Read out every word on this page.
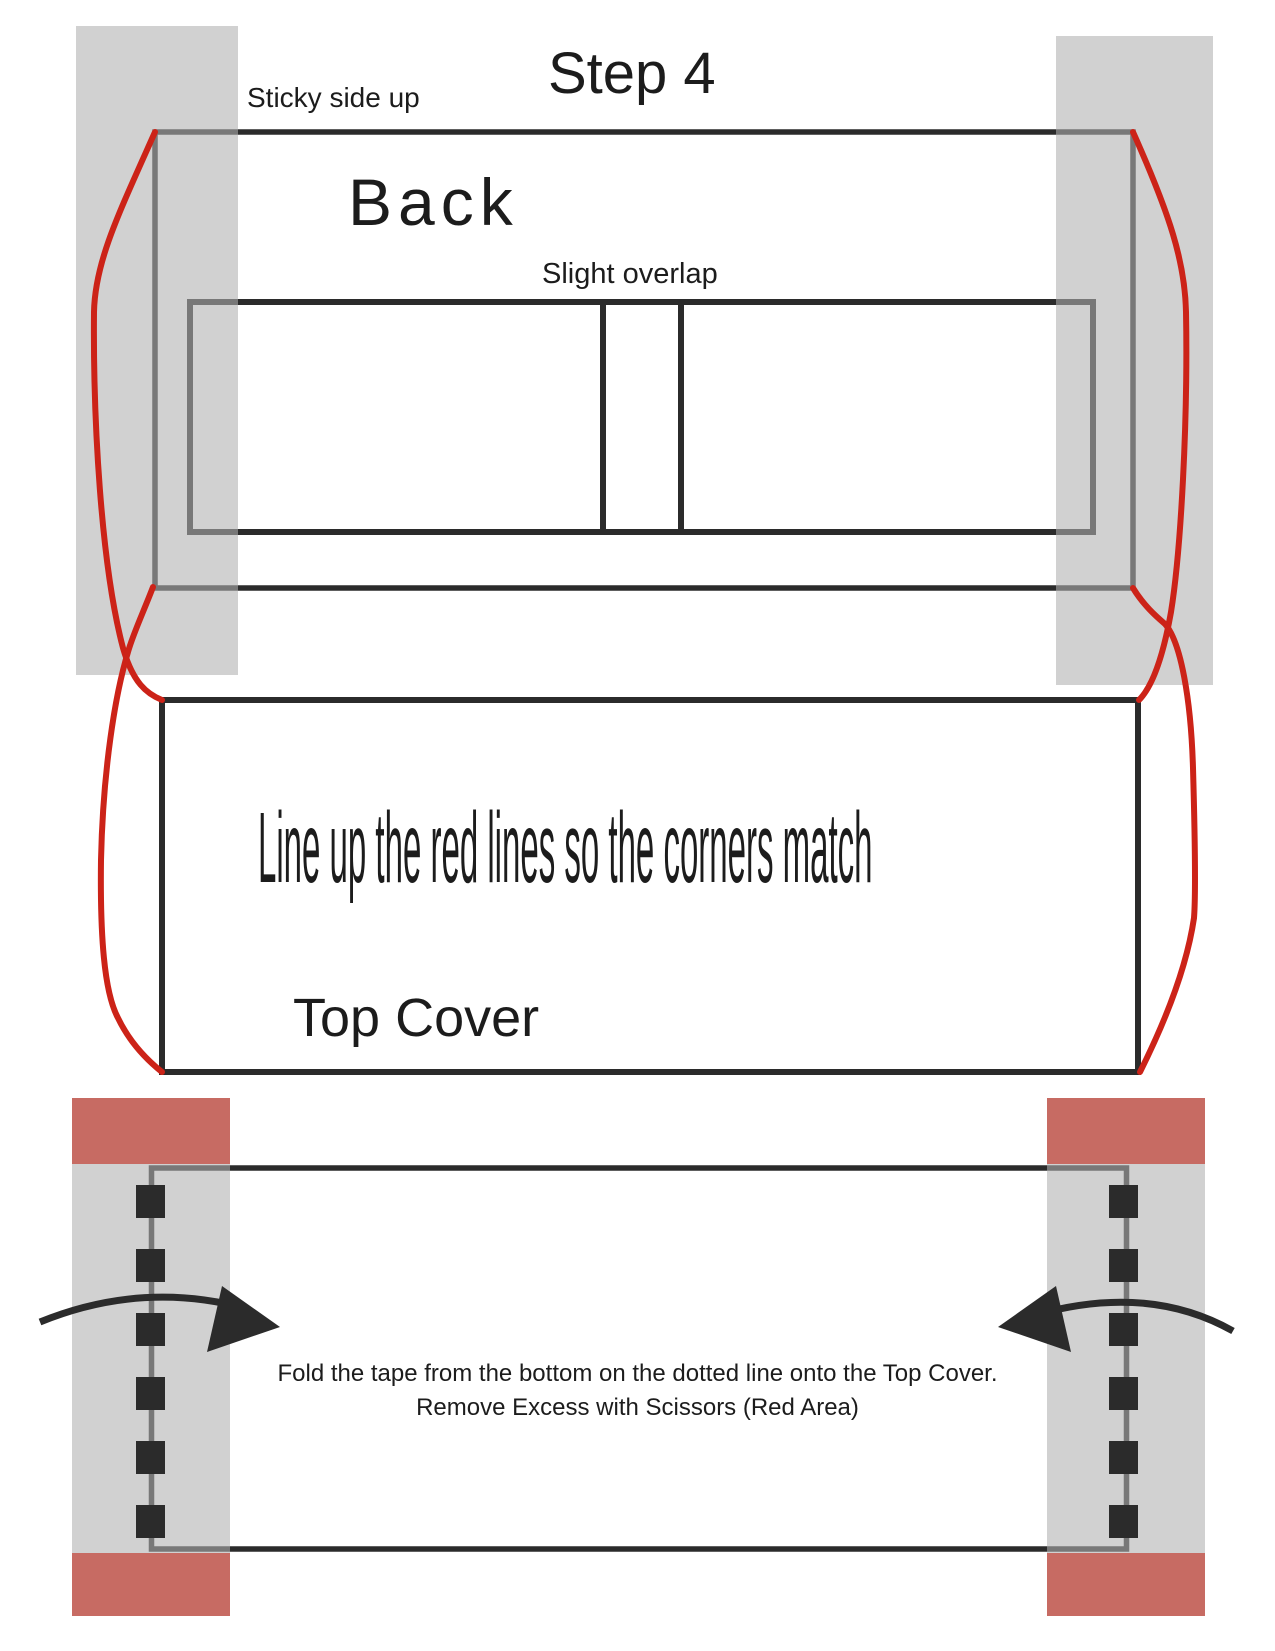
Step 4
Sticky side up
Back
Slight overlap
Line up the red lines so the corners match
Top Cover
Fold the tape from the bottom on the dotted line onto the Top Cover.
Remove Excess with Scissors (Red Area)
